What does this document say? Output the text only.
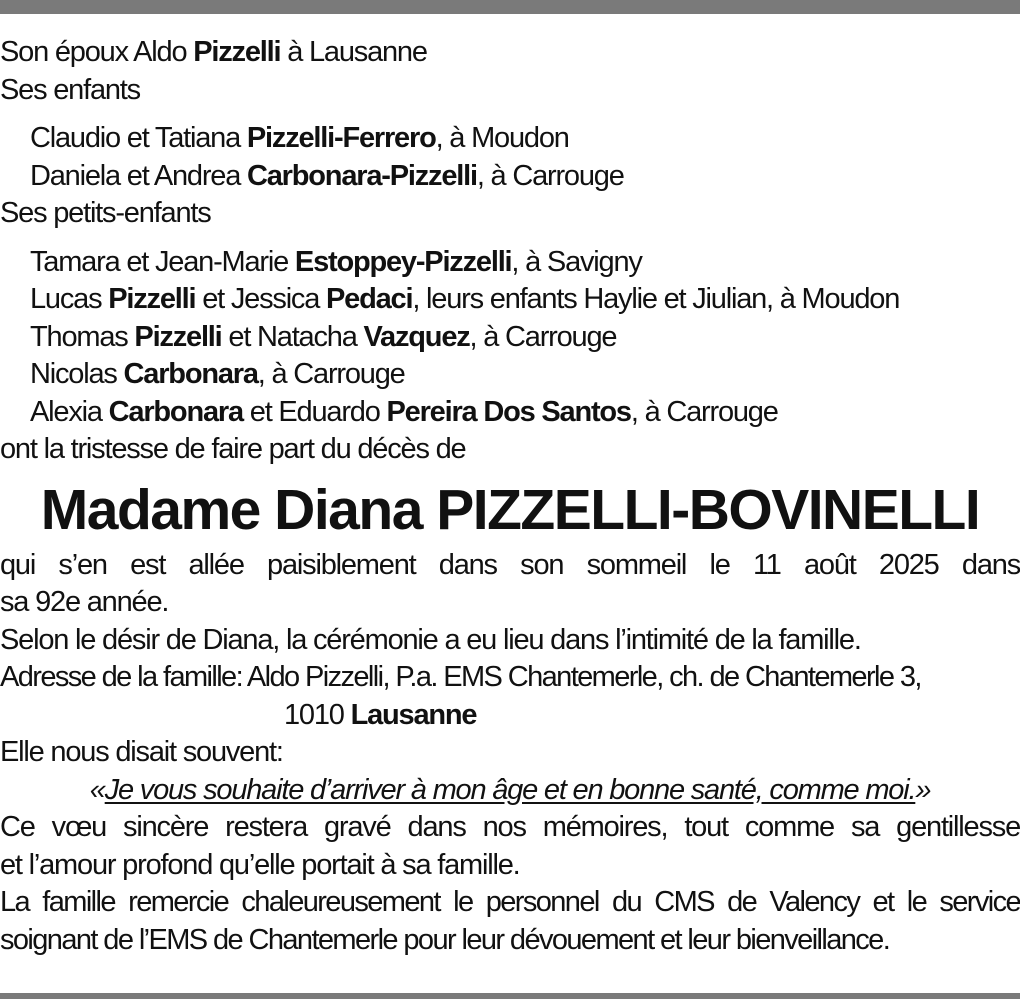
Son époux Aldo Pizzelli à Lausanne
Ses enfants
Claudio et Tatiana Pizzelli-Ferrero, à Moudon
Daniela et Andrea Carbonara-Pizzelli, à Carrouge
Ses petits-enfants
Tamara et Jean-Marie Estoppey-Pizzelli, à Savigny
Lucas Pizzelli et Jessica Pedaci, leurs enfants Haylie et Jiulian, à Moudon
Thomas Pizzelli et Natacha Vazquez, à Carrouge
Nicolas Carbonara, à Carrouge
Alexia Carbonara et Eduardo Pereira Dos Santos, à Carrouge
ont la tristesse de faire part du décès de
Madame Diana PIZZELLI-BOVINELLI
qui s’en est allée paisiblement dans son sommeil le 11 août 2025 dans
sa 92e année.
Selon le désir de Diana, la cérémonie a eu lieu dans l’intimité de la famille.
Adresse de la famille: Aldo Pizzelli, P.a. EMS Chantemerle, ch. de Chantemerle 3,
1010 Lausanne
Elle nous disait souvent:
«Je vous souhaite d’arriver à mon âge et en bonne santé, comme moi.»
Ce vœu sincère restera gravé dans nos mémoires, tout comme sa gentillesse
et l’amour profond qu’elle portait à sa famille.
La famille remercie chaleureusement le personnel du CMS de Valency et le service
soignant de l’EMS de Chantemerle pour leur dévouement et leur bienveillance.
